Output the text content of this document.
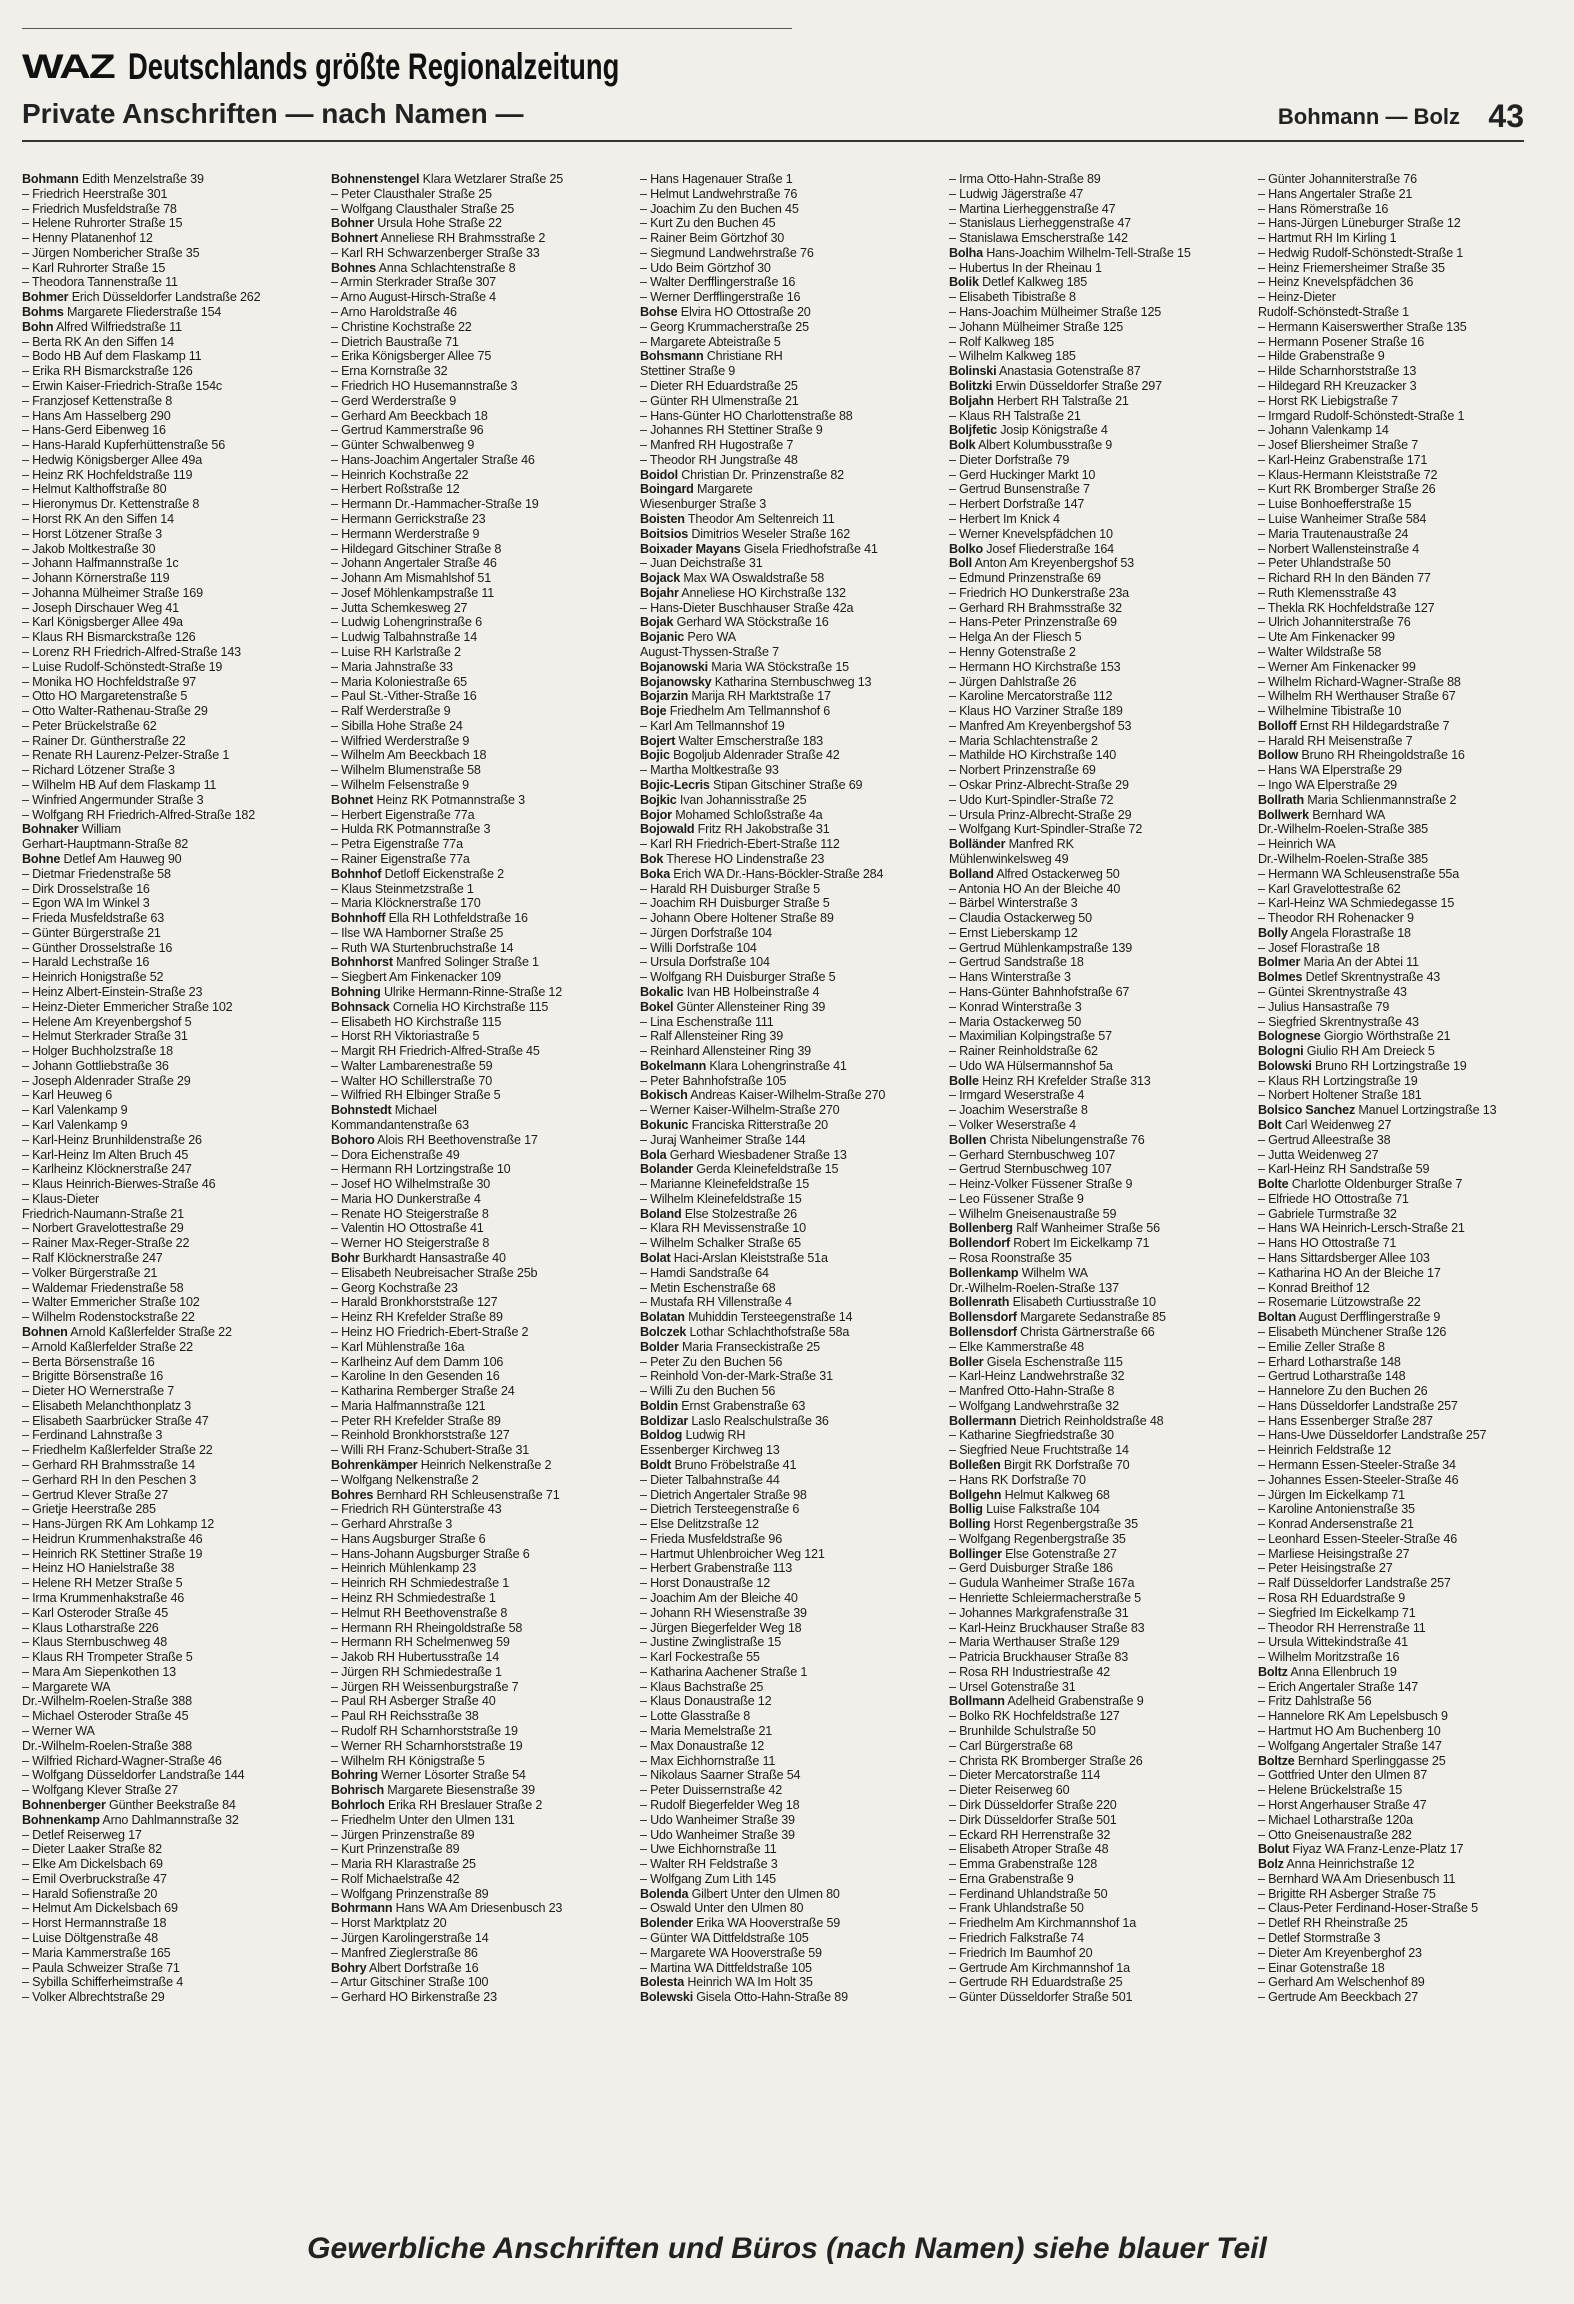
WAZ Deutschlands größte Regionalzeitung
Private Anschriften — nach Namen —	Bohmann — Bolz 43
Bohmann Edith Menzelstraße 39
– Friedrich Heerstraße 301
– Friedrich Musfeldstraße 78
– Helene Ruhrorter Straße 15
– Henny Platanenhof 12
– Jürgen Nombericher Straße 35
– Karl Ruhrorter Straße 15
– Theodora Tannenstraße 11
Bohmer Erich Düsseldorfer Landstraße 262
Bohms Margarete Fliederstraße 154
Bohn Alfred Wilfriedstraße 11
– Berta RK An den Siffen 14
– Bodo HB Auf dem Flaskamp 11
– Erika RH Bismarckstraße 126
– Erwin Kaiser-Friedrich-Straße 154c
– Franzjosef Kettenstraße 8
– Hans Am Hasselberg 290
– Hans-Gerd Eibenweg 16
– Hans-Harald Kupferhüttenstraße 56
– Hedwig Königsberger Allee 49a
– Heinz RK Hochfeldstraße 119
– Helmut Kalthoffstraße 80
– Hieronymus Dr. Kettenstraße 8
– Horst RK An den Siffen 14
– Horst Lötzener Straße 3
– Jakob Moltkestraße 30
– Johann Halfmannstraße 1c
– Johann Körnerstraße 119
– Johanna Mülheimer Straße 169
– Joseph Dirschauer Weg 41
– Karl Königsberger Allee 49a
– Klaus RH Bismarckstraße 126
– Lorenz RH Friedrich-Alfred-Straße 143
– Luise Rudolf-Schönstedt-Straße 19
– Monika HO Hochfeldstraße 97
– Otto HO Margaretenstraße 5
– Otto Walter-Rathenau-Straße 29
– Peter Brückelstraße 62
– Rainer Dr. Güntherstraße 22
– Renate RH Laurenz-Pelzer-Straße 1
– Richard Lötzener Straße 3
– Wilhelm HB Auf dem Flaskamp 11
– Winfried Angermunder Straße 3
– Wolfgang RH Friedrich-Alfred-Straße 182
Bohnaker William
Gerhart-Hauptmann-Straße 82
Bohne Detlef Am Hauweg 90
– Dietmar Friedenstraße 58
– Dirk Drosselstraße 16
– Egon WA Im Winkel 3
– Frieda Musfeldstraße 63
– Günter Bürgerstraße 21
– Günther Drosselstraße 16
– Harald Lechstraße 16
– Heinrich Honigstraße 52
– Heinz Albert-Einstein-Straße 23
– Heinz-Dieter Emmericher Straße 102
– Helene Am Kreyenbergshof 5
– Helmut Sterkrader Straße 31
– Holger Buchholzstraße 18
– Johann Gottliebstraße 36
– Joseph Aldenrader Straße 29
– Karl Heuweg 6
– Karl Valenkamp 9
– Karl Valenkamp 9
– Karl-Heinz Brunhildenstraße 26
– Karl-Heinz Im Alten Bruch 45
– Karlheinz Klöcknerstraße 247
– Klaus Heinrich-Bierwes-Straße 46
– Klaus-Dieter
Friedrich-Naumann-Straße 21
– Norbert Gravelottestraße 29
– Rainer Max-Reger-Straße 22
– Ralf Klöcknerstraße 247
– Volker Bürgerstraße 21
– Waldemar Friedenstraße 58
– Walter Emmericher Straße 102
– Wilhelm Rodenstockstraße 22
Bohnen Arnold Kaßlerfelder Straße 22
– Arnold Kaßlerfelder Straße 22
– Berta Börsenstraße 16
– Brigitte Börsenstraße 16
– Dieter HO Wernerstraße 7
– Elisabeth Melanchthonplatz 3
– Elisabeth Saarbrücker Straße 47
– Ferdinand Lahnstraße 3
– Friedhelm Kaßlerfelder Straße 22
– Gerhard RH Brahmsstraße 14
– Gerhard RH In den Peschen 3
– Gertrud Klever Straße 27
– Grietje Heerstraße 285
– Hans-Jürgen RK Am Lohkamp 12
– Heidrun Krummenhakstraße 46
– Heinrich RK Stettiner Straße 19
– Heinz HO Hanielstraße 38
– Helene RH Metzer Straße 5
– Irma Krummenhakstraße 46
– Karl Osteroder Straße 45
– Klaus Lotharstraße 226
– Klaus Sternbuschweg 48
– Klaus RH Trompeter Straße 5
– Mara Am Siepenkothen 13
– Margarete WA
Dr.-Wilhelm-Roelen-Straße 388
– Michael Osteroder Straße 45
– Werner WA
Dr.-Wilhelm-Roelen-Straße 388
– Wilfried Richard-Wagner-Straße 46
– Wolfgang Düsseldorfer Landstraße 144
– Wolfgang Klever Straße 27
Bohnenberger Günther Beekstraße 84
Bohnenkamp Arno Dahlmannstraße 32
– Detlef Reiserweg 17
– Dieter Laaker Straße 82
– Elke Am Dickelsbach 69
– Emil Overbruckstraße 47
– Harald Sofienstraße 20
– Helmut Am Dickelsbach 69
– Horst Hermannstraße 18
– Luise Döltgenstraße 48
– Maria Kammerstraße 165
– Paula Schweizer Straße 71
– Sybilla Schifferheimstraße 4
– Volker Albrechtstraße 29
Bohnenstengel Klara Wetzlarer Straße 25
– Peter Clausthaler Straße 25
– Wolfgang Clausthaler Straße 25
Bohner Ursula Hohe Straße 22
Bohnert Anneliese RH Brahmsstraße 2
– Karl RH Schwarzenberger Straße 33
Bohnes Anna Schlachtenstraße 8
– Armin Sterkrader Straße 307
– Arno August-Hirsch-Straße 4
– Arno Haroldstraße 46
– Christine Kochstraße 22
– Dietrich Baustraße 71
– Erika Königsberger Allee 75
– Erna Kornstraße 32
– Friedrich HO Husemannstraße 3
– Gerd Werderstraße 9
– Gerhard Am Beeckbach 18
– Gertrud Kammerstraße 96
– Günter Schwalbenweg 9
– Hans-Joachim Angertaler Straße 46
– Heinrich Kochstraße 22
– Herbert Roßstraße 12
– Hermann Dr.-Hammacher-Straße 19
– Hermann Gerrickstraße 23
– Hermann Werderstraße 9
– Hildegard Gitschiner Straße 8
– Johann Angertaler Straße 46
– Johann Am Mismahlshof 51
– Josef Möhlenkampstraße 11
– Jutta Schemkesweg 27
– Ludwig Lohengrinstraße 6
– Ludwig Talbahnstraße 14
– Luise RH Karlstraße 2
– Maria Jahnstraße 33
– Maria Koloniestraße 65
– Paul St.-Vither-Straße 16
– Ralf Werderstraße 9
– Sibilla Hohe Straße 24
– Wilfried Werderstraße 9
– Wilhelm Am Beeckbach 18
– Wilhelm Blumenstraße 58
– Wilhelm Felsenstraße 9
Bohnet Heinz RK Potmannstraße 3
– Herbert Eigenstraße 77a
– Hulda RK Potmannstraße 3
– Petra Eigenstraße 77a
– Rainer Eigenstraße 77a
Bohnhof Detloff Eickenstraße 2
– Klaus Steinmetzstraße 1
– Maria Klöcknerstraße 170
Bohnhoff Ella RH Lothfeldstraße 16
– Ilse WA Hamborner Straße 25
– Ruth WA Sturtenbruchstraße 14
Bohnhorst Manfred Solinger Straße 1
– Siegbert Am Finkenacker 109
Bohning Ulrike Hermann-Rinne-Straße 12
Bohnsack Cornelia HO Kirchstraße 115
– Elisabeth HO Kirchstraße 115
– Horst RH Viktoriastraße 5
– Margit RH Friedrich-Alfred-Straße 45
– Walter Lambarenestraße 59
– Walter HO Schillerstraße 70
– Wilfried RH Elbinger Straße 5
Bohnstedt Michael
Kommandantenstraße 63
Bohoro Alois RH Beethovenstraße 17
– Dora Eichenstraße 49
– Hermann RH Lortzingstraße 10
– Josef HO Wilhelmstraße 30
– Maria HO Dunkerstraße 4
– Renate HO Steigerstraße 8
– Valentin HO Ottostraße 41
– Werner HO Steigerstraße 8
Bohr Burkhardt Hansastraße 40
– Elisabeth Neubreisacher Straße 25b
– Georg Kochstraße 23
– Harald Bronkhorststraße 127
– Heinz RH Krefelder Straße 89
– Heinz HO Friedrich-Ebert-Straße 2
– Karl Mühlenstraße 16a
– Karlheinz Auf dem Damm 106
– Karoline In den Gesenden 16
– Katharina Remberger Straße 24
– Maria Halfmannstraße 121
– Peter RH Krefelder Straße 89
– Reinhold Bronkhorststraße 127
– Willi RH Franz-Schubert-Straße 31
Bohrenkämper Heinrich Nelkenstraße 2
– Wolfgang Nelkenstraße 2
Bohres Bernhard RH Schleusenstraße 71
– Friedrich RH Günterstraße 43
– Gerhard Ahrstraße 3
– Hans Augsburger Straße 6
– Hans-Johann Augsburger Straße 6
– Heinrich Mühlenkamp 23
– Heinrich RH Schmiedestraße 1
– Heinz RH Schmiedestraße 1
– Helmut RH Beethovenstraße 8
– Hermann RH Rheingoldstraße 58
– Hermann RH Schelmenweg 59
– Jakob RH Hubertusstraße 14
– Jürgen RH Schmiedestraße 1
– Jürgen RH Weissenburgstraße 7
– Paul RH Asberger Straße 40
– Paul RH Reichsstraße 38
– Rudolf RH Scharnhorststraße 19
– Werner RH Scharnhorststraße 19
– Wilhelm RH Königstraße 5
Bohring Werner Lösorter Straße 54
Bohrisch Margarete Biesenstraße 39
Bohrloch Erika RH Breslauer Straße 2
– Friedhelm Unter den Ulmen 131
– Jürgen Prinzenstraße 89
– Kurt Prinzenstraße 89
– Maria RH Klarastraße 25
– Rolf Michaelstraße 42
– Wolfgang Prinzenstraße 89
Bohrmann Hans WA Am Driesenbusch 23
– Horst Marktplatz 20
– Jürgen Karolingerstraße 14
– Manfred Zieglerstraße 86
Bohry Albert Dorfstraße 16
– Artur Gitschiner Straße 100
– Gerhard HO Birkenstraße 23
– Hans Hagenauer Straße 1
– Helmut Landwehrstraße 76
– Joachim Zu den Buchen 45
– Kurt Zu den Buchen 45
– Rainer Beim Görtzhof 30
– Siegmund Landwehrstraße 76
– Udo Beim Görtzhof 30
– Walter Derfflingerstraße 16
– Werner Derfflingerstraße 16
Bohse Elvira HO Ottostraße 20
– Georg Krummacherstraße 25
– Margarete Abteistraße 5
Bohsmann Christiane RH
Stettiner Straße 9
– Dieter RH Eduardstraße 25
– Günter RH Ulmenstraße 21
– Hans-Günter HO Charlottenstraße 88
– Johannes RH Stettiner Straße 9
– Manfred RH Hugostraße 7
– Theodor RH Jungstraße 48
Boidol Christian Dr. Prinzenstraße 82
Boingard Margarete
Wiesenburger Straße 3
Boisten Theodor Am Seltenreich 11
Boitsios Dimitrios Weseler Straße 162
Boixader Mayans Gisela Friedhofstraße 41
– Juan Deichstraße 31
Bojack Max WA Oswaldstraße 58
Bojahr Anneliese HO Kirchstraße 132
– Hans-Dieter Buschhauser Straße 42a
Bojak Gerhard WA Stöckstraße 16
Bojanic Pero WA
August-Thyssen-Straße 7
Bojanowski Maria WA Stöckstraße 15
Bojanowsky Katharina Sternbuschweg 13
Bojarzin Marija RH Marktstraße 17
Boje Friedhelm Am Tellmannshof 6
– Karl Am Tellmannshof 19
Bojert Walter Emscherstraße 183
Bojic Bogoljub Aldenrader Straße 42
– Martha Moltkestraße 93
Bojic-Lecris Stipan Gitschiner Straße 69
Bojkic Ivan Johannisstraße 25
Bojor Mohamed Schloßstraße 4a
Bojowald Fritz RH Jakobstraße 31
– Karl RH Friedrich-Ebert-Straße 112
Bok Therese HO Lindenstraße 23
Boka Erich WA Dr.-Hans-Böckler-Straße 284
– Harald RH Duisburger Straße 5
– Joachim RH Duisburger Straße 5
– Johann Obere Holtener Straße 89
– Jürgen Dorfstraße 104
– Willi Dorfstraße 104
– Ursula Dorfstraße 104
– Wolfgang RH Duisburger Straße 5
Bokalic Ivan HB Holbeinstraße 4
Bokel Günter Allensteiner Ring 39
– Lina Eschenstraße 111
– Ralf Allensteiner Ring 39
– Reinhard Allensteiner Ring 39
Bokelmann Klara Lohengrinstraße 41
– Peter Bahnhofstraße 105
Bokisch Andreas Kaiser-Wilhelm-Straße 270
– Werner Kaiser-Wilhelm-Straße 270
Bokunic Franciska Ritterstraße 20
– Juraj Wanheimer Straße 144
Bola Gerhard Wiesbadener Straße 13
Bolander Gerda Kleinefeldstraße 15
– Marianne Kleinefeldstraße 15
– Wilhelm Kleinefeldstraße 15
Boland Else Stolzestraße 26
– Klara RH Mevissenstraße 10
– Wilhelm Schalker Straße 65
Bolat Haci-Arslan Kleiststraße 51a
– Hamdi Sandstraße 64
– Metin Eschenstraße 68
– Mustafa RH Villenstraße 4
Bolatan Muhiddin Tersteegenstraße 14
Bolczek Lothar Schlachthofstraße 58a
Bolder Maria Franseckistraße 25
– Peter Zu den Buchen 56
– Reinhold Von-der-Mark-Straße 31
– Willi Zu den Buchen 56
Boldin Ernst Grabenstraße 63
Boldizar Laslo Realschulstraße 36
Boldog Ludwig RH
Essenberger Kirchweg 13
Boldt Bruno Fröbelstraße 41
– Dieter Talbahnstraße 44
– Dietrich Angertaler Straße 98
– Dietrich Tersteegenstraße 6
– Else Delitzstraße 12
– Frieda Musfeldstraße 96
– Hartmut Uhlenbroicher Weg 121
– Herbert Grabenstraße 113
– Horst Donaustraße 12
– Joachim Am der Bleiche 40
– Johann RH Wiesenstraße 39
– Jürgen Biegerfelder Weg 18
– Justine Zwinglistraße 15
– Karl Fockestraße 55
– Katharina Aachener Straße 1
– Klaus Bachstraße 25
– Klaus Donaustraße 12
– Lotte Glasstraße 8
– Maria Memelstraße 21
– Max Donaustraße 12
– Max Eichhornstraße 11
– Nikolaus Saarner Straße 54
– Peter Duissernstraße 42
– Rudolf Biegerfelder Weg 18
– Udo Wanheimer Straße 39
– Udo Wanheimer Straße 39
– Uwe Eichhornstraße 11
– Walter RH Feldstraße 3
– Wolfgang Zum Lith 145
Bolenda Gilbert Unter den Ulmen 80
– Oswald Unter den Ulmen 80
Bolender Erika WA Hooverstraße 59
– Günter WA Dittfeldstraße 105
– Margarete WA Hooverstraße 59
– Martina WA Dittfeldstraße 105
Bolesta Heinrich WA Im Holt 35
Bolewski Gisela Otto-Hahn-Straße 89
– Irma Otto-Hahn-Straße 89
– Ludwig Jägerstraße 47
– Martina Lierheggenstraße 47
– Stanislaus Lierheggenstraße 47
– Stanislawa Emscherstraße 142
Bolha Hans-Joachim Wilhelm-Tell-Straße 15
– Hubertus In der Rheinau 1
Bolik Detlef Kalkweg 185
– Elisabeth Tibistraße 8
– Hans-Joachim Mülheimer Straße 125
– Johann Mülheimer Straße 125
– Rolf Kalkweg 185
– Wilhelm Kalkweg 185
Bolinski Anastasia Gotenstraße 87
Bolitzki Erwin Düsseldorfer Straße 297
Boljahn Herbert RH Talstraße 21
– Klaus RH Talstraße 21
Boljfetic Josip Königstraße 4
Bolk Albert Kolumbusstraße 9
– Dieter Dorfstraße 79
– Gerd Huckinger Markt 10
– Gertrud Bunsenstraße 7
– Herbert Dorfstraße 147
– Herbert Im Knick 4
– Werner Knevelspfädchen 10
Bolko Josef Fliederstraße 164
Boll Anton Am Kreyenbergshof 53
– Edmund Prinzenstraße 69
– Friedrich HO Dunkerstraße 23a
– Gerhard RH Brahmsstraße 32
– Hans-Peter Prinzenstraße 69
– Helga An der Fliesch 5
– Henny Gotenstraße 2
– Hermann HO Kirchstraße 153
– Jürgen Dahlstraße 26
– Karoline Mercatorstraße 112
– Klaus HO Varziner Straße 189
– Manfred Am Kreyenbergshof 53
– Maria Schlachtenstraße 2
– Mathilde HO Kirchstraße 140
– Norbert Prinzenstraße 69
– Oskar Prinz-Albrecht-Straße 29
– Udo Kurt-Spindler-Straße 72
– Ursula Prinz-Albrecht-Straße 29
– Wolfgang Kurt-Spindler-Straße 72
Bolländer Manfred RK
Mühlenwinkelsweg 49
Bolland Alfred Ostackerweg 50
– Antonia HO An der Bleiche 40
– Bärbel Winterstraße 3
– Claudia Ostackerweg 50
– Ernst Lieberskamp 12
– Gertrud Mühlenkampstraße 139
– Gertrud Sandstraße 18
– Hans Winterstraße 3
– Hans-Günter Bahnhofstraße 67
– Konrad Winterstraße 3
– Maria Ostackerweg 50
– Maximilian Kolpingstraße 57
– Rainer Reinholdstraße 62
– Udo WA Hülsermannshof 5a
Bolle Heinz RH Krefelder Straße 313
– Irmgard Weserstraße 4
– Joachim Weserstraße 8
– Volker Weserstraße 4
Bollen Christa Nibelungenstraße 76
– Gerhard Sternbuschweg 107
– Gertrud Sternbuschweg 107
– Heinz-Volker Füssener Straße 9
– Leo Füssener Straße 9
– Wilhelm Gneisenaustraße 59
Bollenberg Ralf Wanheimer Straße 56
Bollendorf Robert Im Eickelkamp 71
– Rosa Roonstraße 35
Bollenkamp Wilhelm WA
Dr.-Wilhelm-Roelen-Straße 137
Bollenrath Elisabeth Curtiusstraße 10
Bollensdorf Margarete Sedanstraße 85
Bollensdorf Christa Gärtnerstraße 66
– Elke Kammerstraße 48
Boller Gisela Eschenstraße 115
– Karl-Heinz Landwehrstraße 32
– Manfred Otto-Hahn-Straße 8
– Wolfgang Landwehrstraße 32
Bollermann Dietrich Reinholdstraße 48
– Katharine Siegfriedstraße 30
– Siegfried Neue Fruchtstraße 14
Bolleßen Birgit RK Dorfstraße 70
– Hans RK Dorfstraße 70
Bollgehn Helmut Kalkweg 68
Bollig Luise Falkstraße 104
Bolling Horst Regenbergstraße 35
– Wolfgang Regenbergstraße 35
Bollinger Else Gotenstraße 27
– Gerd Duisburger Straße 186
– Gudula Wanheimer Straße 167a
– Henriette Schleiermacherstraße 5
– Johannes Markgrafenstraße 31
– Karl-Heinz Bruckhauser Straße 83
– Maria Werthauser Straße 129
– Patricia Bruckhauser Straße 83
– Rosa RH Industriestraße 42
– Ursel Gotenstraße 31
Bollmann Adelheid Grabenstraße 9
– Bolko RK Hochfeldstraße 127
– Brunhilde Schulstraße 50
– Carl Bürgerstraße 68
– Christa RK Bromberger Straße 26
– Dieter Mercatorstraße 114
– Dieter Reiserweg 60
– Dirk Düsseldorfer Straße 220
– Dirk Düsseldorfer Straße 501
– Eckard RH Herrenstraße 32
– Elisabeth Atroper Straße 48
– Emma Grabenstraße 128
– Erna Grabenstraße 9
– Ferdinand Uhlandstraße 50
– Frank Uhlandstraße 50
– Friedhelm Am Kirchmannshof 1a
– Friedrich Falkstraße 74
– Friedrich Im Baumhof 20
– Gertrude Am Kirchmannshof 1a
– Gertrude RH Eduardstraße 25
– Günter Düsseldorfer Straße 501
– Günter Johanniterstraße 76
– Hans Angertaler Straße 21
– Hans Römerstraße 16
– Hans-Jürgen Lüneburger Straße 12
– Hartmut RH Im Kirling 1
– Hedwig Rudolf-Schönstedt-Straße 1
– Heinz Friemersheimer Straße 35
– Heinz Knevelspfädchen 36
– Heinz-Dieter
Rudolf-Schönstedt-Straße 1
– Hermann Kaiserswerther Straße 135
– Hermann Posener Straße 16
– Hilde Grabenstraße 9
– Hilde Scharnhorststraße 13
– Hildegard RH Kreuzacker 3
– Horst RK Liebigstraße 7
– Irmgard Rudolf-Schönstedt-Straße 1
– Johann Valenkamp 14
– Josef Bliersheimer Straße 7
– Karl-Heinz Grabenstraße 171
– Klaus-Hermann Kleiststraße 72
– Kurt RK Bromberger Straße 26
– Luise Bonhoefferstraße 15
– Luise Wanheimer Straße 584
– Maria Trautenaustraße 24
– Norbert Wallensteinstraße 4
– Peter Uhlandstraße 50
– Richard RH In den Bänden 77
– Ruth Klemensstraße 43
– Thekla RK Hochfeldstraße 127
– Ulrich Johanniterstraße 76
– Ute Am Finkenacker 99
– Walter Wildstraße 58
– Werner Am Finkenacker 99
– Wilhelm Richard-Wagner-Straße 88
– Wilhelm RH Werthauser Straße 67
– Wilhelmine Tibistraße 10
Bolloff Ernst RH Hildegardstraße 7
– Harald RH Meisenstraße 7
Bollow Bruno RH Rheingoldstraße 16
– Hans WA Elperstraße 29
– Ingo WA Elperstraße 29
Bollrath Maria Schlienmannstraße 2
Bollwerk Bernhard WA
Dr.-Wilhelm-Roelen-Straße 385
– Heinrich WA
Dr.-Wilhelm-Roelen-Straße 385
– Hermann WA Schleusenstraße 55a
– Karl Gravelottestraße 62
– Karl-Heinz WA Schmiedegasse 15
– Theodor RH Rohenacker 9
Bolly Angela Florastraße 18
– Josef Florastraße 18
Bolmer Maria An der Abtei 11
Bolmes Detlef Skrentnystraße 43
– Güntei Skrentnystraße 43
– Julius Hansastraße 79
– Siegfried Skrentnystraße 43
Bolognese Giorgio Wörthstraße 21
Bologni Giulio RH Am Dreieck 5
Bolowski Bruno RH Lortzingstraße 19
– Klaus RH Lortzingstraße 19
– Norbert Holtener Straße 181
Bolsico Sanchez Manuel Lortzingstraße 13
Bolt Carl Weidenweg 27
– Gertrud Alleestraße 38
– Jutta Weidenweg 27
– Karl-Heinz RH Sandstraße 59
Bolte Charlotte Oldenburger Straße 7
– Elfriede HO Ottostraße 71
– Gabriele Turmstraße 32
– Hans WA Heinrich-Lersch-Straße 21
– Hans HO Ottostraße 71
– Hans Sittardsberger Allee 103
– Katharina HO An der Bleiche 17
– Konrad Breithof 12
– Rosemarie Lützowstraße 22
Boltan August Derfflingerstraße 9
– Elisabeth Münchener Straße 126
– Emilie Zeller Straße 8
– Erhard Lotharstraße 148
– Gertrud Lotharstraße 148
– Hannelore Zu den Buchen 26
– Hans Düsseldorfer Landstraße 257
– Hans Essenberger Straße 287
– Hans-Uwe Düsseldorfer Landstraße 257
– Heinrich Feldstraße 12
– Hermann Essen-Steeler-Straße 34
– Johannes Essen-Steeler-Straße 46
– Jürgen Im Eickelkamp 71
– Karoline Antonienstraße 35
– Konrad Andersenstraße 21
– Leonhard Essen-Steeler-Straße 46
– Marliese Heisingstraße 27
– Peter Heisingstraße 27
– Ralf Düsseldorfer Landstraße 257
– Rosa RH Eduardstraße 9
– Siegfried Im Eickelkamp 71
– Theodor RH Herrenstraße 11
– Ursula Wittekindstraße 41
– Wilhelm Moritzstraße 16
Boltz Anna Ellenbruch 19
– Erich Angertaler Straße 147
– Fritz Dahlstraße 56
– Hannelore RK Am Lepelsbusch 9
– Hartmut HO Am Buchenberg 10
– Wolfgang Angertaler Straße 147
Boltze Bernhard Sperlinggasse 25
– Gottfried Unter den Ulmen 87
– Helene Brückelstraße 15
– Horst Angerhauser Straße 47
– Michael Lotharstraße 120a
– Otto Gneisenaustraße 282
Bolut Fiyaz WA Franz-Lenze-Platz 17
Bolz Anna Heinrichstraße 12
– Bernhard WA Am Driesenbusch 11
– Brigitte RH Asberger Straße 75
– Claus-Peter Ferdinand-Hoser-Straße 5
– Detlef RH Rheinstraße 25
– Detlef Stormstraße 3
– Dieter Am Kreyenberghof 23
– Einar Gotenstraße 18
– Gerhard Am Welschenhof 89
– Gertrude Am Beeckbach 27
Gewerbliche Anschriften und Büros (nach Namen) siehe blauer Teil
